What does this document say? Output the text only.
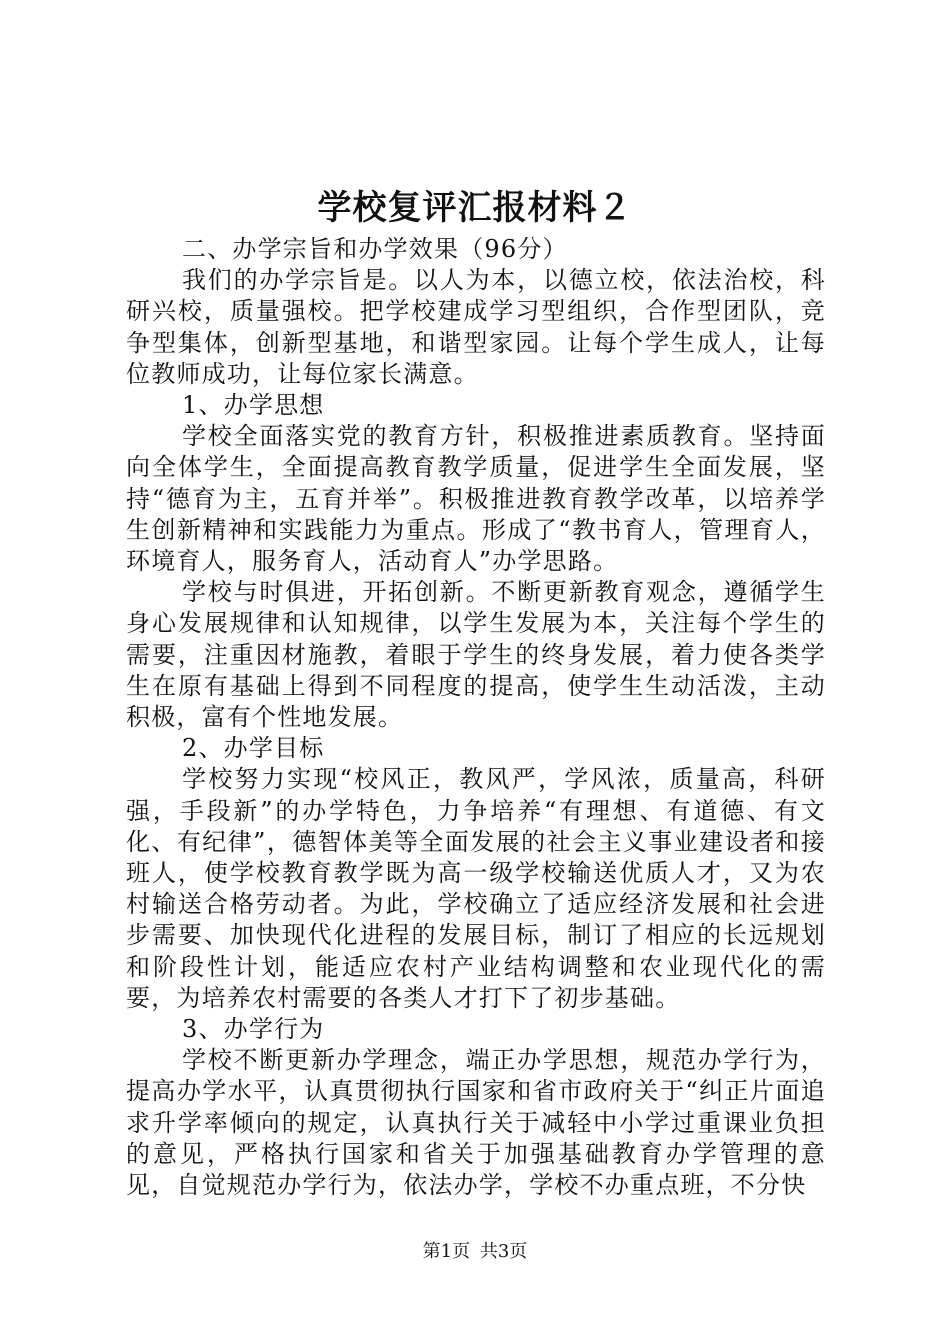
学校复评汇报材料２

二、办学宗旨和办学效果（96分）

我们的办学宗旨是。以人为本，以德立校，依法治校，科研兴校，质量强校。把学校建成学习型组织，合作型团队，竞争型集体，创新型基地，和谐型家园。让每个学生成人，让每位教师成功，让每位家长满意。

1、办学思想

学校全面落实党的教育方针，积极推进素质教育。坚持面向全体学生，全面提高教育教学质量，促进学生全面发展，坚持“德育为主，五育并举”。积极推进教育教学改革，以培养学生创新精神和实践能力为重点。形成了“教书育人，管理育人，环境育人，服务育人，活动育人”办学思路。

学校与时俱进，开拓创新。不断更新教育观念，遵循学生身心发展规律和认知规律，以学生发展为本，关注每个学生的需要，注重因材施教，着眼于学生的终身发展，着力使各类学生在原有基础上得到不同程度的提高，使学生生动活泼，主动积极，富有个性地发展。

2、办学目标

学校努力实现“校风正，教风严，学风浓，质量高，科研强，手段新”的办学特色，力争培养“有理想、有道德、有文化、有纪律”，德智体美等全面发展的社会主义事业建设者和接班人，使学校教育教学既为高一级学校输送优质人才，又为农村输送合格劳动者。为此，学校确立了适应经济发展和社会进步需要、加快现代化进程的发展目标，制订了相应的长远规划和阶段性计划，能适应农村产业结构调整和农业现代化的需要，为培养农村需要的各类人才打下了初步基础。

3、办学行为

学校不断更新办学理念，端正办学思想，规范办学行为，提高办学水平，认真贯彻执行国家和省市政府关于“纠正片面追求升学率倾向的规定，认真执行关于减轻中小学过重课业负担的意见，严格执行国家和省关于加强基础教育办学管理的意见，自觉规范办学行为，依法办学，学校不办重点班，不分快

第1页 共3页
